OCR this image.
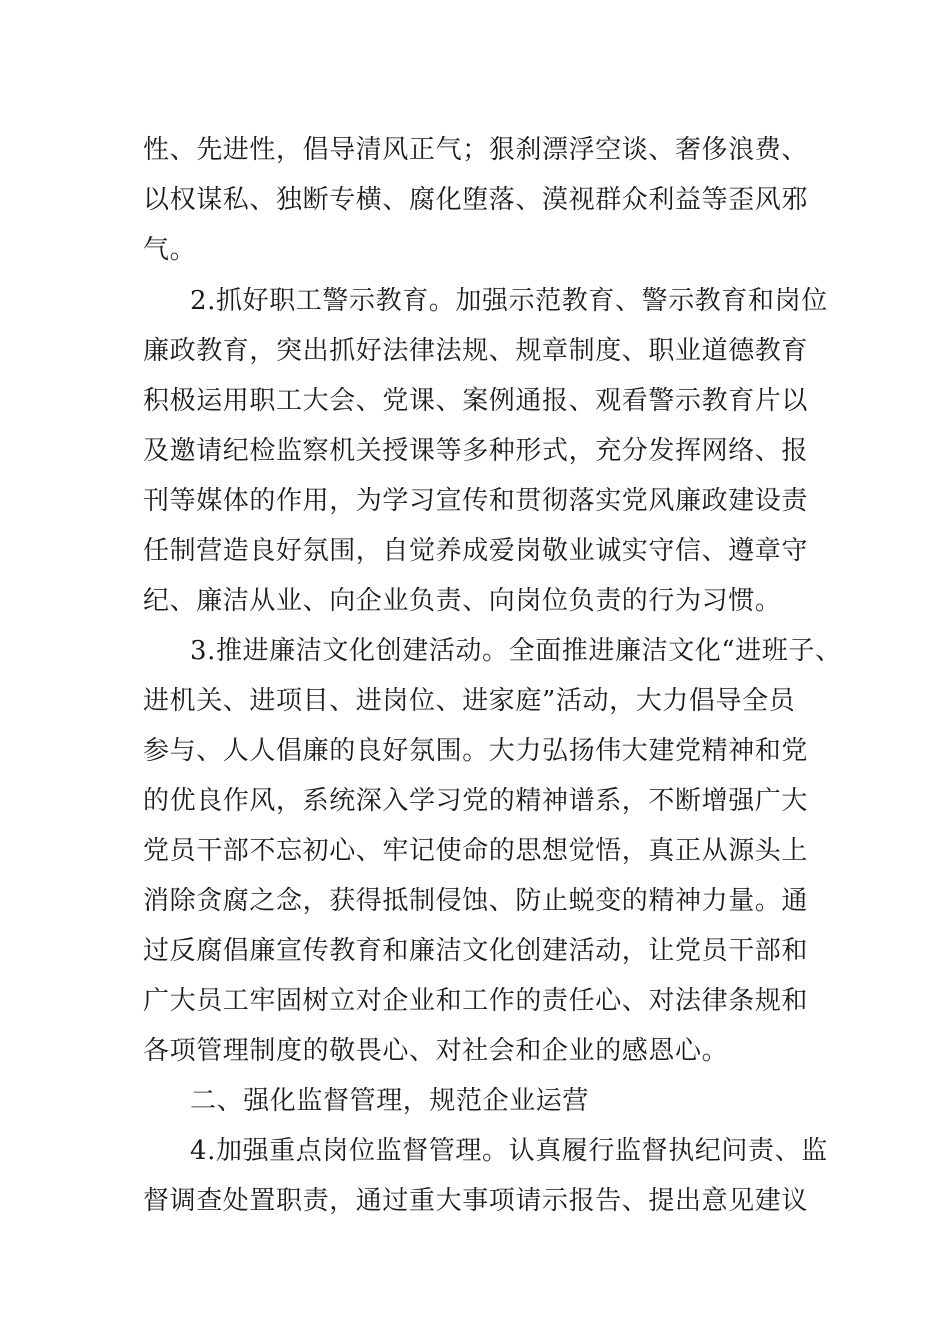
性、先进性，倡导清风正气；狠刹漂浮空谈、奢侈浪费、
以权谋私、独断专横、腐化堕落、漠视群众利益等歪风邪
气。
2.抓好职工警示教育。加强示范教育、警示教育和岗位
廉政教育，突出抓好法律法规、规章制度、职业道德教育
积极运用职工大会、党课、案例通报、观看警示教育片以
及邀请纪检监察机关授课等多种形式，充分发挥网络、报
刊等媒体的作用，为学习宣传和贯彻落实党风廉政建设责
任制营造良好氛围，自觉养成爱岗敬业诚实守信、遵章守
纪、廉洁从业、向企业负责、向岗位负责的行为习惯。
3.推进廉洁文化创建活动。全面推进廉洁文化“进班子、
进机关、进项目、进岗位、进家庭”活动，大力倡导全员
参与、人人倡廉的良好氛围。大力弘扬伟大建党精神和党
的优良作风，系统深入学习党的精神谱系，不断增强广大
党员干部不忘初心、牢记使命的思想觉悟，真正从源头上
消除贪腐之念，获得抵制侵蚀、防止蜕变的精神力量。通
过反腐倡廉宣传教育和廉洁文化创建活动，让党员干部和
广大员工牢固树立对企业和工作的责任心、对法律条规和
各项管理制度的敬畏心、对社会和企业的感恩心。
二、强化监督管理，规范企业运营
4.加强重点岗位监督管理。认真履行监督执纪问责、监
督调查处置职责，通过重大事项请示报告、提出意见建议
